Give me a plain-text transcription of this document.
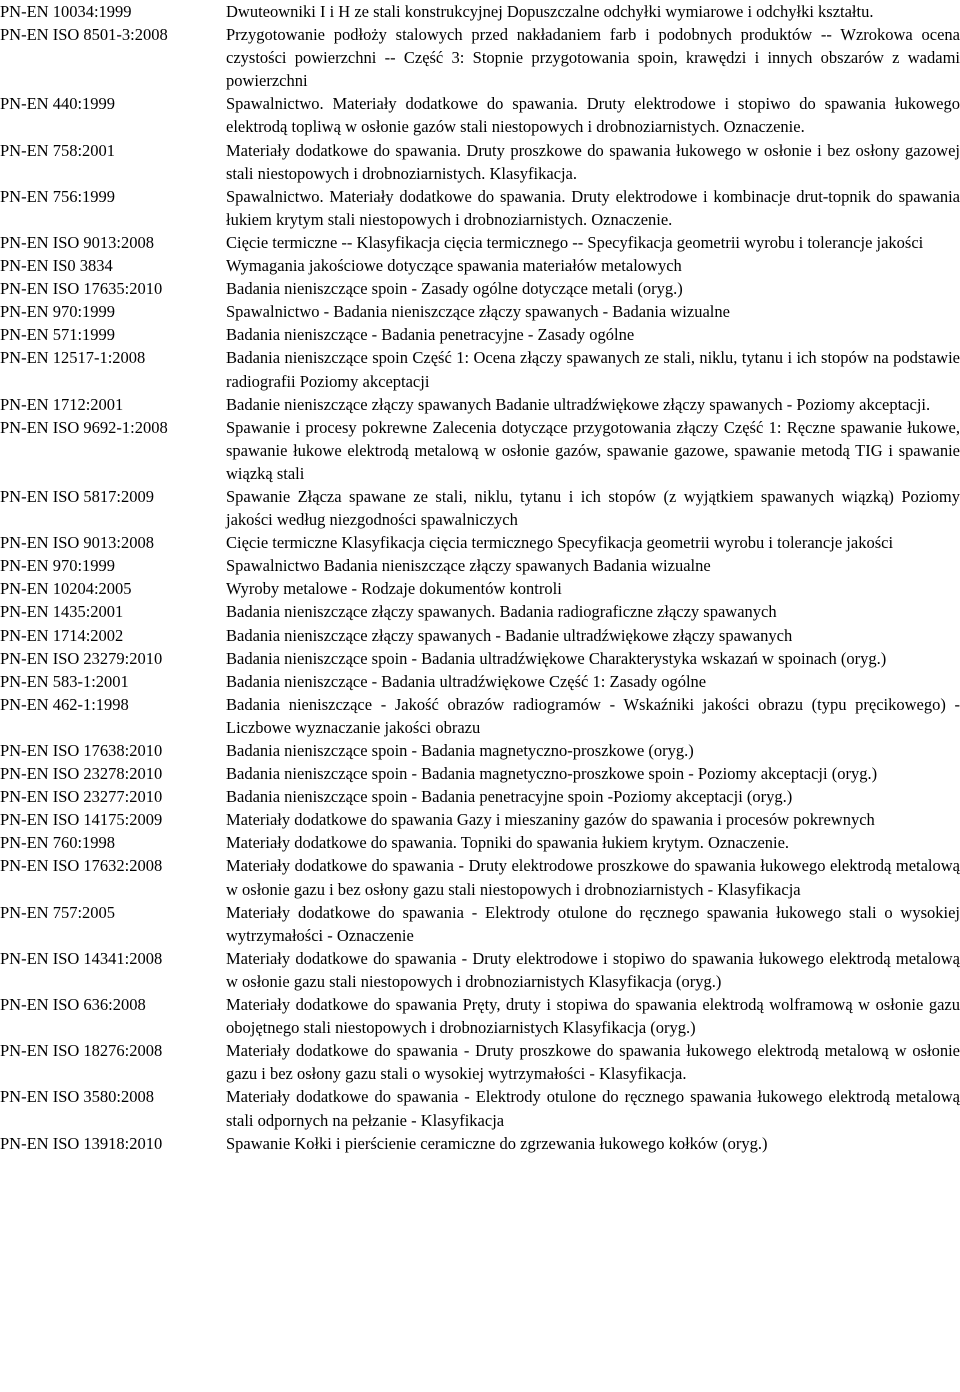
PN-EN 10034:1999	Dwuteowniki I i H ze stali konstrukcyjnej Dopuszczalne odchyłki wymiarowe i odchyłki kształtu.
PN-EN ISO 8501-3:2008	Przygotowanie podłoży stalowych przed nakładaniem farb i podobnych produktów -- Wzrokowa ocena czystości powierzchni -- Część 3: Stopnie przygotowania spoin, krawędzi i innych obszarów z wadami powierzchni
PN-EN 440:1999	Spawalnictwo. Materiały dodatkowe do spawania. Druty elektrodowe i stopiwo do spawania łukowego elektrodą topliwą w osłonie gazów stali niestopowych i drobnoziarnistych. Oznaczenie.
PN-EN 758:2001	Materiały dodatkowe do spawania. Druty proszkowe do spawania łukowego w osłonie i bez osłony gazowej stali niestopowych i drobnoziarnistych. Klasyfikacja.
PN-EN 756:1999	Spawalnictwo. Materiały dodatkowe do spawania. Druty elektrodowe i kombinacje drut-topnik do spawania łukiem krytym stali niestopowych i drobnoziarnistych. Oznaczenie.
PN-EN ISO 9013:2008	Cięcie termiczne -- Klasyfikacja cięcia termicznego -- Specyfikacja geometrii wyrobu i tolerancje jakości
PN-EN IS0 3834	Wymagania jakościowe dotyczące spawania materiałów metalowych
PN-EN ISO 17635:2010	Badania nieniszczące spoin - Zasady ogólne dotyczące metali (oryg.)
PN-EN 970:1999	Spawalnictwo - Badania nieniszczące złączy spawanych - Badania wizualne
PN-EN 571:1999	Badania nieniszczące - Badania penetracyjne - Zasady ogólne
PN-EN 12517-1:2008	Badania nieniszczące spoin Część 1: Ocena złączy spawanych ze stali, niklu, tytanu i ich stopów na podstawie radiografii Poziomy akceptacji
PN-EN 1712:2001	Badanie nieniszczące złączy spawanych Badanie ultradźwiękowe złączy spawanych - Poziomy akceptacji.
PN-EN ISO 9692-1:2008	Spawanie i procesy pokrewne Zalecenia dotyczące przygotowania złączy Część 1: Ręczne spawanie łukowe, spawanie łukowe elektrodą metalową w osłonie gazów, spawanie gazowe, spawanie metodą TIG i spawanie wiązką stali
PN-EN ISO 5817:2009	Spawanie Złącza spawane ze stali, niklu, tytanu i ich stopów (z wyjątkiem spawanych wiązką) Poziomy jakości według niezgodności spawalniczych
PN-EN ISO 9013:2008	Cięcie termiczne Klasyfikacja cięcia termicznego Specyfikacja geometrii wyrobu i tolerancje jakości
PN-EN 970:1999	Spawalnictwo Badania nieniszczące złączy spawanych Badania wizualne
PN-EN 10204:2005	Wyroby metalowe - Rodzaje dokumentów kontroli
PN-EN 1435:2001	Badania nieniszczące złączy spawanych. Badania radiograficzne złączy spawanych
PN-EN 1714:2002	Badania nieniszczące złączy spawanych - Badanie ultradźwiękowe złączy spawanych
PN-EN ISO 23279:2010	Badania nieniszczące spoin - Badania ultradźwiękowe Charakterystyka wskazań w spoinach (oryg.)
PN-EN 583-1:2001	Badania nieniszczące - Badania ultradźwiękowe Część 1: Zasady ogólne
PN-EN 462-1:1998	Badania nieniszczące - Jakość obrazów radiogramów - Wskaźniki jakości obrazu (typu pręcikowego) - Liczbowe wyznaczanie jakości obrazu
PN-EN ISO 17638:2010	Badania nieniszczące spoin - Badania magnetyczno-proszkowe (oryg.)
PN-EN ISO 23278:2010	Badania nieniszczące spoin - Badania magnetyczno-proszkowe spoin - Poziomy akceptacji (oryg.)
PN-EN ISO 23277:2010	Badania nieniszczące spoin - Badania penetracyjne spoin -Poziomy akceptacji (oryg.)
PN-EN ISO 14175:2009	Materiały dodatkowe do spawania Gazy i mieszaniny gazów do spawania i procesów pokrewnych
PN-EN 760:1998	Materiały dodatkowe do spawania. Topniki do spawania łukiem krytym. Oznaczenie.
PN-EN ISO 17632:2008	Materiały dodatkowe do spawania - Druty elektrodowe proszkowe do spawania łukowego elektrodą metalową w osłonie gazu i bez osłony gazu stali niestopowych i drobnoziarnistych - Klasyfikacja
PN-EN 757:2005	Materiały dodatkowe do spawania - Elektrody otulone do ręcznego spawania łukowego stali o wysokiej wytrzymałości - Oznaczenie
PN-EN ISO 14341:2008	Materiały dodatkowe do spawania - Druty elektrodowe i stopiwo do spawania łukowego elektrodą metalową w osłonie gazu stali niestopowych i drobnoziarnistych Klasyfikacja (oryg.)
PN-EN ISO 636:2008	Materiały dodatkowe do spawania Pręty, druty i stopiwa do spawania elektrodą wolframową w osłonie gazu obojętnego stali niestopowych i drobnoziarnistych Klasyfikacja (oryg.)
PN-EN ISO 18276:2008	Materiały dodatkowe do spawania - Druty proszkowe do spawania łukowego elektrodą metalową w osłonie gazu i bez osłony gazu stali o wysokiej wytrzymałości - Klasyfikacja.
PN-EN ISO 3580:2008	Materiały dodatkowe do spawania - Elektrody otulone do ręcznego spawania łukowego elektrodą metalową stali odpornych na pełzanie - Klasyfikacja
PN-EN ISO 13918:2010	Spawanie Kołki i pierścienie ceramiczne do zgrzewania łukowego kołków (oryg.)
